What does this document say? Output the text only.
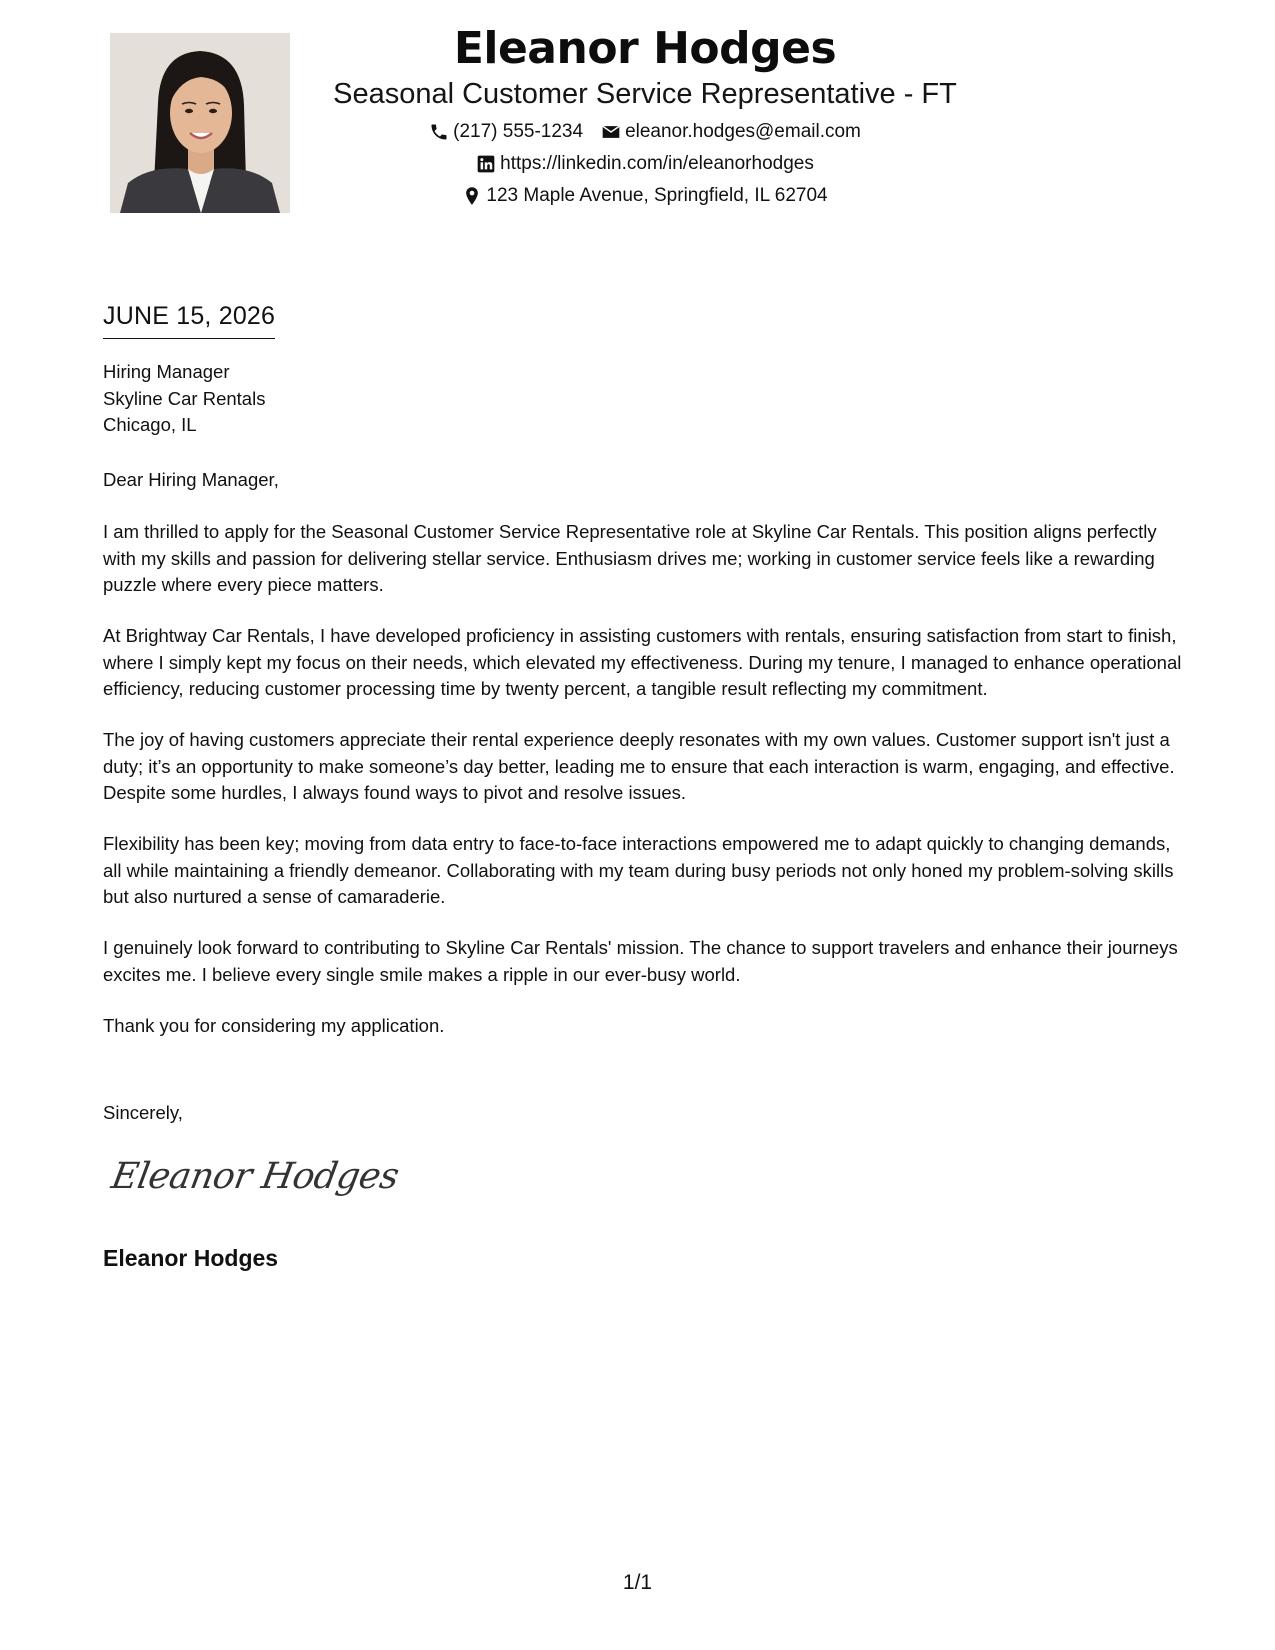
Eleanor Hodges
Seasonal Customer Service Representative - FT
(217) 555-1234 eleanor.hodges@email.com
https://linkedin.com/in/eleanorhodges
123 Maple Avenue, Springfield, IL 62704
JUNE 15, 2026
Hiring Manager
Skyline Car Rentals
Chicago, IL
Dear Hiring Manager,
I am thrilled to apply for the Seasonal Customer Service Representative role at Skyline Car Rentals. This position aligns perfectly with my skills and passion for delivering stellar service. Enthusiasm drives me; working in customer service feels like a rewarding puzzle where every piece matters.
At Brightway Car Rentals, I have developed proficiency in assisting customers with rentals, ensuring satisfaction from start to finish, where I simply kept my focus on their needs, which elevated my effectiveness. During my tenure, I managed to enhance operational efficiency, reducing customer processing time by twenty percent, a tangible result reflecting my commitment.
The joy of having customers appreciate their rental experience deeply resonates with my own values. Customer support isn't just a duty; it’s an opportunity to make someone’s day better, leading me to ensure that each interaction is warm, engaging, and effective. Despite some hurdles, I always found ways to pivot and resolve issues.
Flexibility has been key; moving from data entry to face-to-face interactions empowered me to adapt quickly to changing demands, all while maintaining a friendly demeanor. Collaborating with my team during busy periods not only honed my problem-solving skills but also nurtured a sense of camaraderie.
I genuinely look forward to contributing to Skyline Car Rentals' mission. The chance to support travelers and enhance their journeys excites me. I believe every single smile makes a ripple in our ever-busy world.
Thank you for considering my application.
Sincerely,
Eleanor Hodges
Eleanor Hodges
1/1
